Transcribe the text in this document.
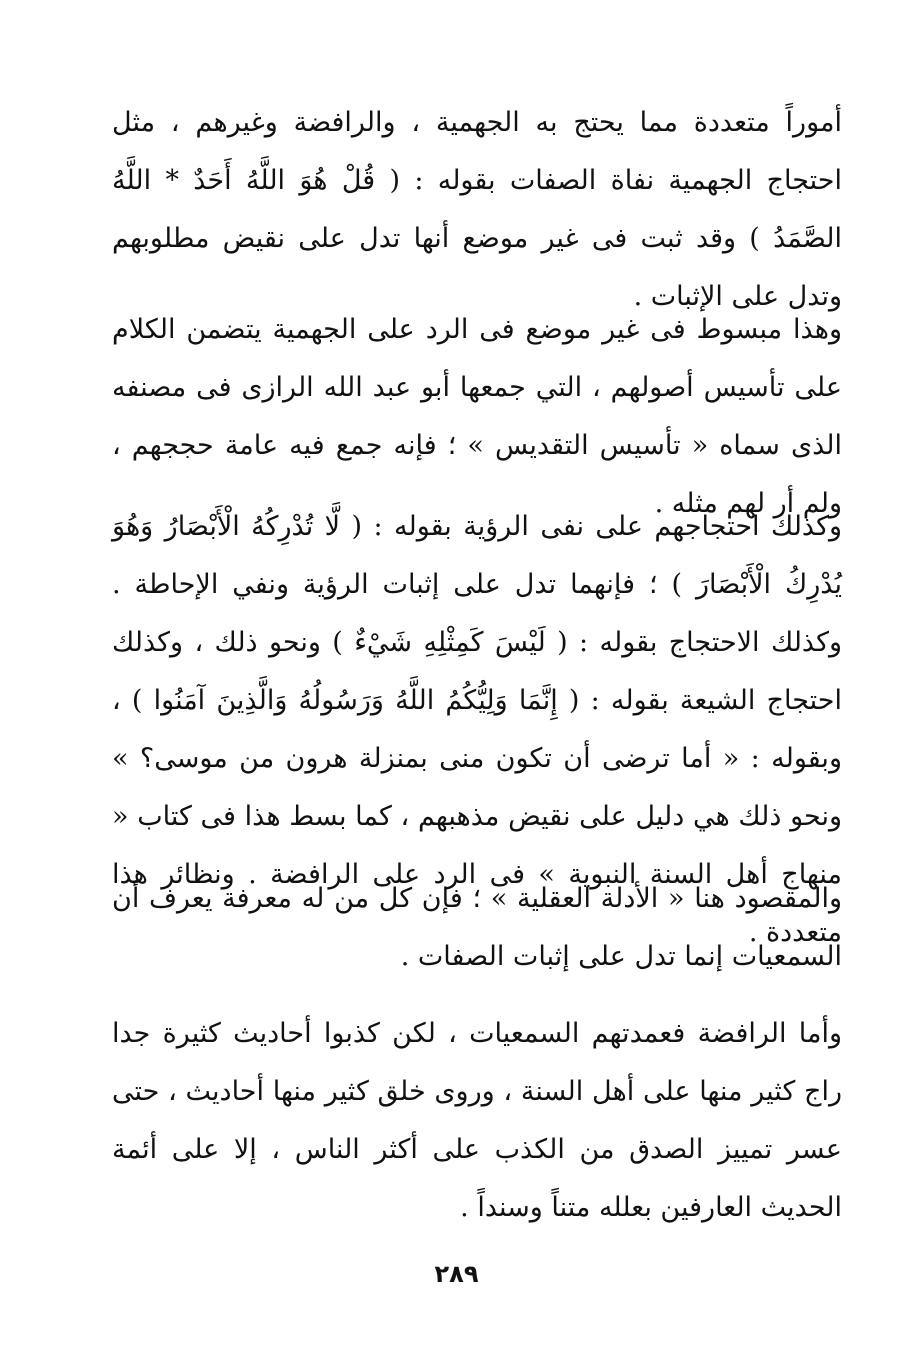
أموراً متعددة مما يحتج به الجهمية ، والرافضة وغيرهم ، مثل احتجاج الجهمية نفاة الصفات بقوله : ( قُلْ هُوَ اللَّهُ أَحَدٌ * اللَّهُ الصَّمَدُ ) وقد ثبت فى غير موضع أنها تدل على نقيض مطلوبهم وتدل على الإثبات .

وهذا مبسوط فى غير موضع فى الرد على الجهمية يتضمن الكلام على تأسيس أصولهم ، التي جمعها أبو عبد الله الرازى فى مصنفه الذى سماه « تأسيس التقديس » ؛ فإنه جمع فيه عامة حججهم ، ولم أر لهم مثله .

وكذلك احتجاجهم على نفى الرؤية بقوله : ( لَّا تُدْرِكُهُ الْأَبْصَارُ وَهُوَ يُدْرِكُ الْأَبْصَارَ ) ؛ فإنهما تدل على إثبات الرؤية ونفي الإحاطة . وكذلك الاحتجاج بقوله : ( لَيْسَ كَمِثْلِهِ شَيْءٌ ) ونحو ذلك ، وكذلك احتجاج الشيعة بقوله : ( إِنَّمَا وَلِيُّكُمُ اللَّهُ وَرَسُولُهُ وَالَّذِينَ آمَنُوا ) ، وبقوله : « أما ترضى أن تكون منى بمنزلة هرون من موسى؟ » ونحو ذلك هي دليل على نقيض مذهبهم ، كما بسط هذا فى كتاب « منهاج أهل السنة النبوية » فى الرد على الرافضة . ونظائر هذا متعددة .

والمقصود هنا « الأدلة العقلية » ؛ فإن كل من له معرفة يعرف أن السمعيات إنما تدل على إثبات الصفات .

وأما الرافضة فعمدتهم السمعيات ، لكن كذبوا أحاديث كثيرة جدا راج كثير منها على أهل السنة ، وروى خلق كثير منها أحاديث ، حتى عسر تمييز الصدق من الكذب على أكثر الناس ، إلا على أئمة الحديث العارفين بعلله متناً وسنداً .

٢٨٩
